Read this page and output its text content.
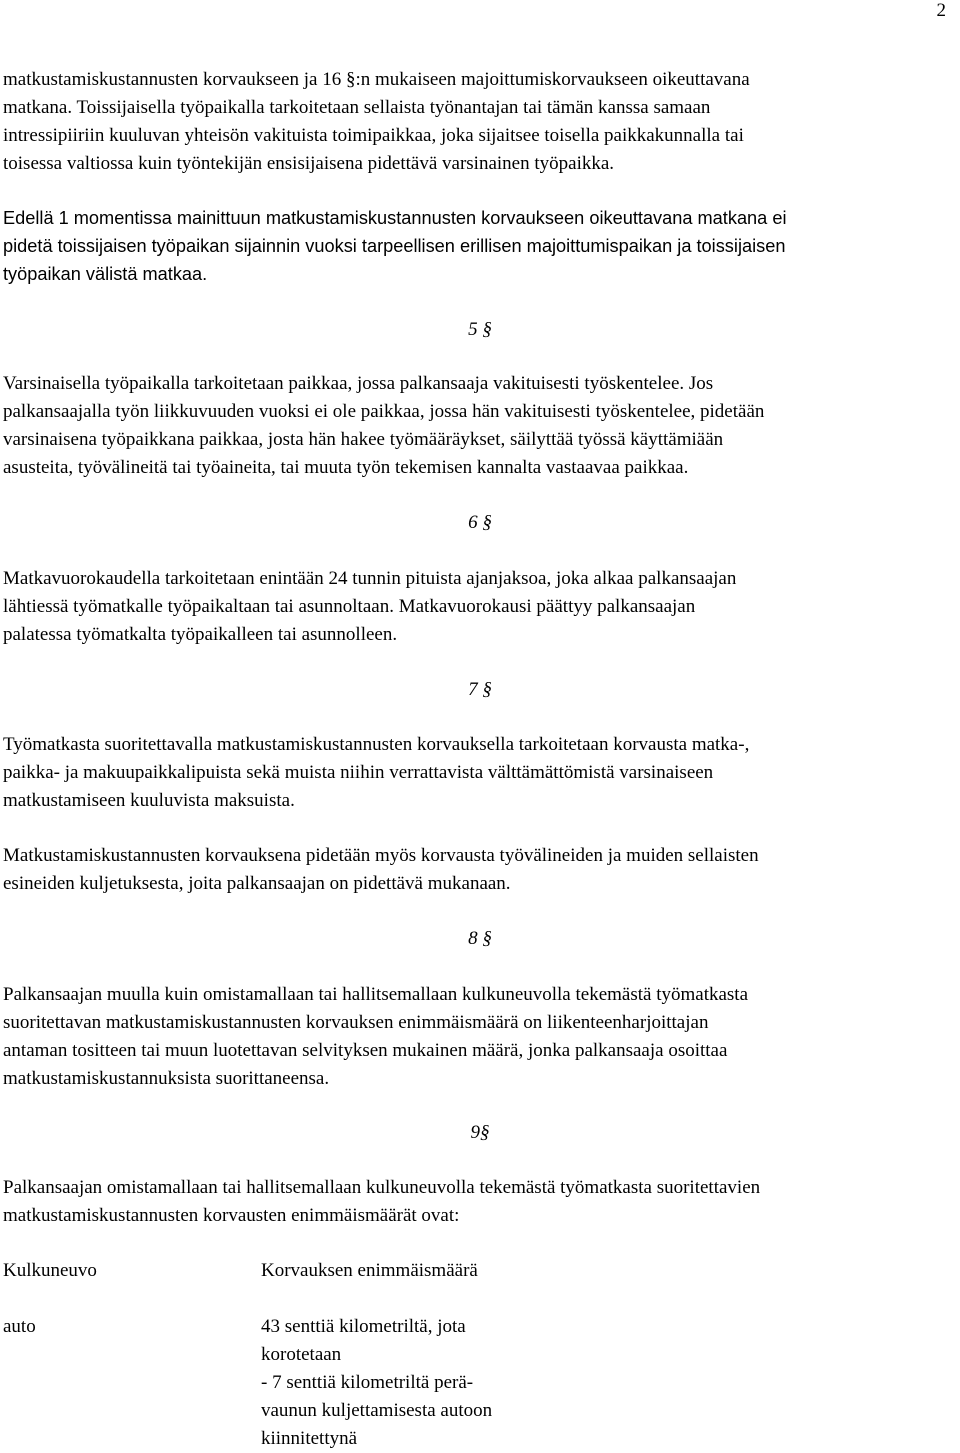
2

matkustamiskustannusten korvaukseen ja 16 §:n mukaiseen majoittumiskorvaukseen oikeuttavana
matkana. Toissijaisella työpaikalla tarkoitetaan sellaista työnantajan tai tämän kanssa samaan
intressipiiriin kuuluvan yhteisön vakituista toimipaikkaa, joka sijaitsee toisella paikkakunnalla tai
toisessa valtiossa kuin työntekijän ensisijaisena pidettävä varsinainen työpaikka.

Edellä 1 momentissa mainittuun matkustamiskustannusten korvaukseen oikeuttavana matkana ei
pidetä toissijaisen työpaikan sijainnin vuoksi tarpeellisen erillisen majoittumispaikan ja toissijaisen
työpaikan välistä matkaa.

5 §

Varsinaisella työpaikalla tarkoitetaan paikkaa, jossa palkansaaja vakituisesti työskentelee. Jos
palkansaajalla työn liikkuvuuden vuoksi ei ole paikkaa, jossa hän vakituisesti työskentelee, pidetään
varsinaisena työpaikkana paikkaa, josta hän hakee työmääräykset, säilyttää työssä käyttämiään
asusteita, työvälineitä tai työaineita, tai muuta työn tekemisen kannalta vastaavaa paikkaa.

6 §

Matkavuorokaudella tarkoitetaan enintään 24 tunnin pituista ajanjaksoa, joka alkaa palkansaajan
lähtiessä työmatkalle työpaikaltaan tai asunnoltaan. Matkavuorokausi päättyy palkansaajan
palatessa työmatkalta työpaikalleen tai asunnolleen.

7 §

Työmatkasta suoritettavalla matkustamiskustannusten korvauksella tarkoitetaan korvausta matka-,
paikka- ja makuupaikkalipuista sekä muista niihin verrattavista välttämättömistä varsinaiseen
matkustamiseen kuuluvista maksuista.

Matkustamiskustannusten korvauksena pidetään myös korvausta työvälineiden ja muiden sellaisten
esineiden kuljetuksesta, joita palkansaajan on pidettävä mukanaan.

8 §

Palkansaajan muulla kuin omistamallaan tai hallitsemallaan kulkuneuvolla tekemästä työmatkasta
suoritettavan matkustamiskustannusten korvauksen enimmäismäärä on liikenteenharjoittajan
antaman tositteen tai muun luotettavan selvityksen mukainen määrä, jonka palkansaaja osoittaa
matkustamiskustannuksista suorittaneensa.

9§

Palkansaajan omistamallaan tai hallitsemallaan kulkuneuvolla tekemästä työmatkasta suoritettavien
matkustamiskustannusten korvausten enimmäismäärät ovat:

Kulkuneuvo	Korvauksen enimmäismäärä
auto	43 senttiä kilometriltä, jota
korotetaan
- 7 senttiä kilometriltä perä-
vaunun kuljettamisesta autoon
kiinnitettynä
